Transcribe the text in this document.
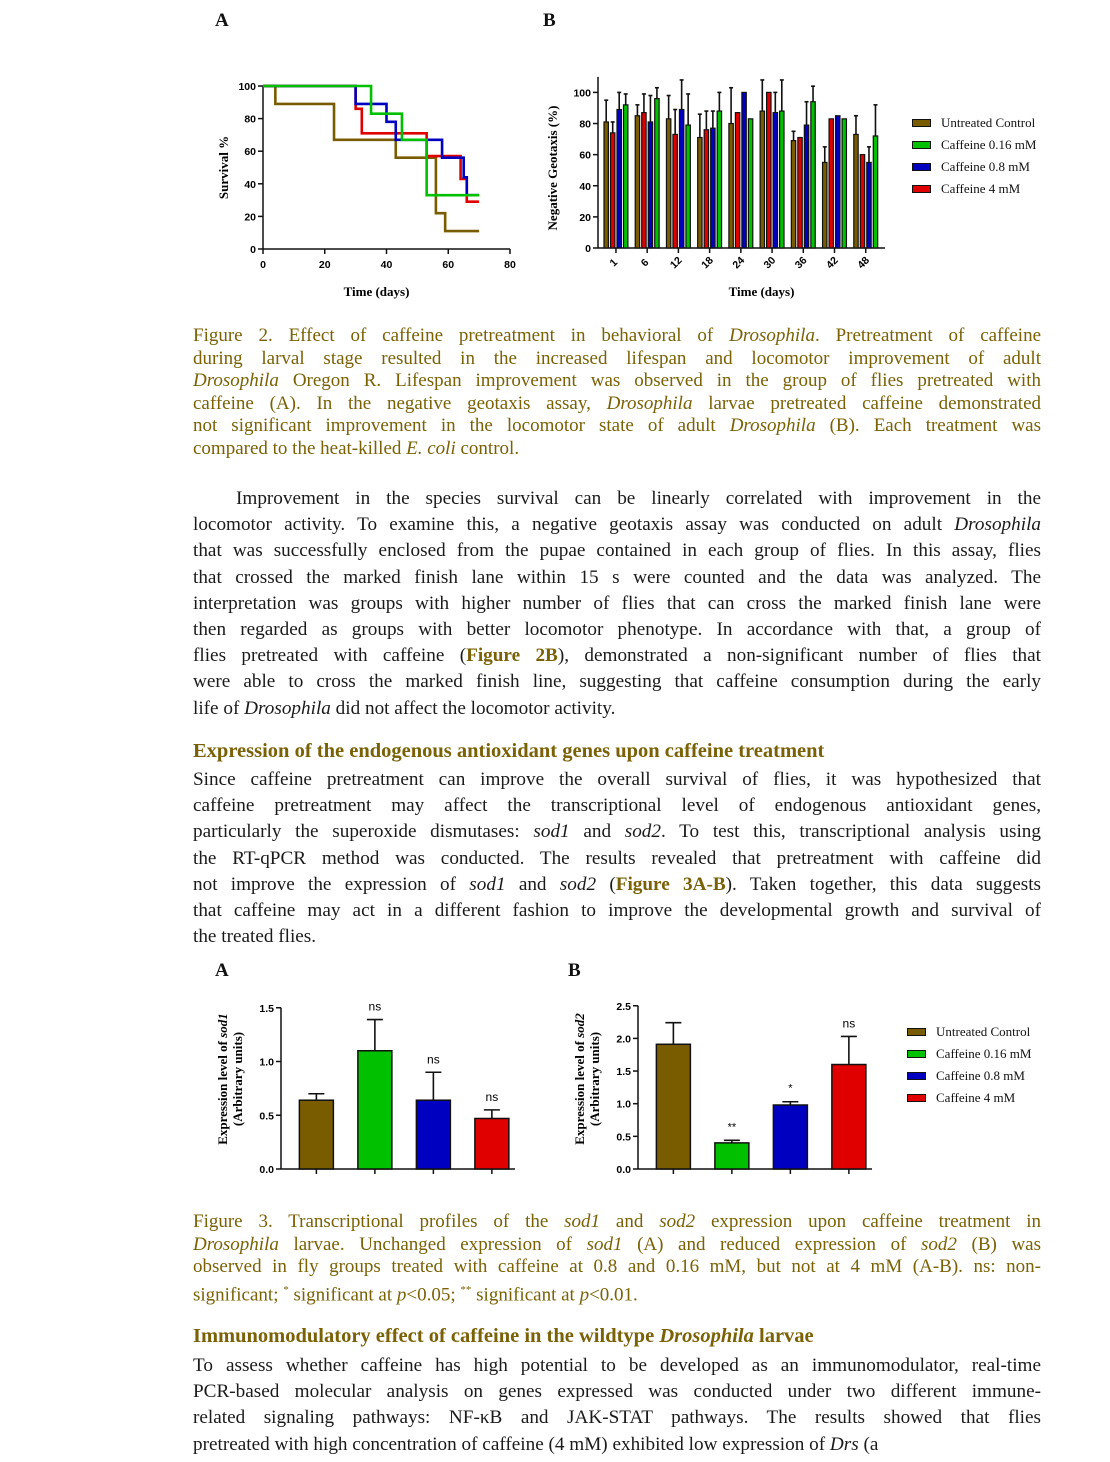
A	B
0
20
40
60
80
100
0	20	40	60	80
Time (days)
Survival %
0
20
40
60
80
100
1 6 12 18 24 30 36 42 48
Time (days)
Negative Geotaxis (%)	Untreated Control
Caffeine 0.16 mM
Caffeine 0.8 mM
Caffeine 4 mM
Figure 2. Effect of caffeine pretreatment in behavioral of Drosophila. Pretreatment of caffeine
during larval stage resulted in the increased lifespan and locomotor improvement of adult
Drosophila Oregon R. Lifespan improvement was observed in the group of flies pretreated with
caffeine (A). In the negative geotaxis assay, Drosophila larvae pretreated caffeine demonstrated
not significant improvement in the locomotor state of adult Drosophila (B). Each treatment was
compared to the heat-killed E. coli control.
Improvement in the species survival can be linearly correlated with improvement in the
locomotor activity. To examine this, a negative geotaxis assay was conducted on adult Drosophila
that was successfully enclosed from the pupae contained in each group of flies. In this assay, flies
that crossed the marked finish lane within 15 s were counted and the data was analyzed. The
interpretation was groups with higher number of flies that can cross the marked finish lane were
then regarded as groups with better locomotor phenotype. In accordance with that, a group of
flies pretreated with caffeine (Figure 2B), demonstrated a non-significant number of flies that
were able to cross the marked finish line, suggesting that caffeine consumption during the early
life of Drosophila did not affect the locomotor activity.
Expression of the endogenous antioxidant genes upon caffeine treatment
Since caffeine pretreatment can improve the overall survival of flies, it was hypothesized that
caffeine pretreatment may affect the transcriptional level of endogenous antioxidant genes,
particularly the superoxide dismutases: sod1 and sod2. To test this, transcriptional analysis using
the RT-qPCR method was conducted. The results revealed that pretreatment with caffeine did
not improve the expression of sod1 and sod2 (Figure 3A-B). Taken together, this data suggests
that caffeine may act in a different fashion to improve the developmental growth and survival of
the treated flies.
A	B
0.0
0.5
1.0
1.5	ns
ns
ns
Expression level of sod1
(Arbitrary units)
0.0
0.5
1.0
1.5
2.0
2.5
**
*
ns
Expression level of sod2
(Arbitrary units)
Untreated Control
Caffeine 0.16 mM
Caffeine 0.8 mM
Caffeine 4 mM
Figure 3. Transcriptional profiles of the sod1 and sod2 expression upon caffeine treatment in
Drosophila larvae. Unchanged expression of sod1 (A) and reduced expression of sod2 (B) was
observed in fly groups treated with caffeine at 0.8 and 0.16 mM, but not at 4 mM (A-B). ns: non-
significant; * significant at p<0.05; ** significant at p<0.01.
Immunomodulatory effect of caffeine in the wildtype Drosophila larvae
To assess whether caffeine has high potential to be developed as an immunomodulator, real-time
PCR-based molecular analysis on genes expressed was conducted under two different immune-
related signaling pathways: NF-κB and JAK-STAT pathways. The results showed that flies
pretreated with high concentration of caffeine (4 mM) exhibited low expression of Drs (a
